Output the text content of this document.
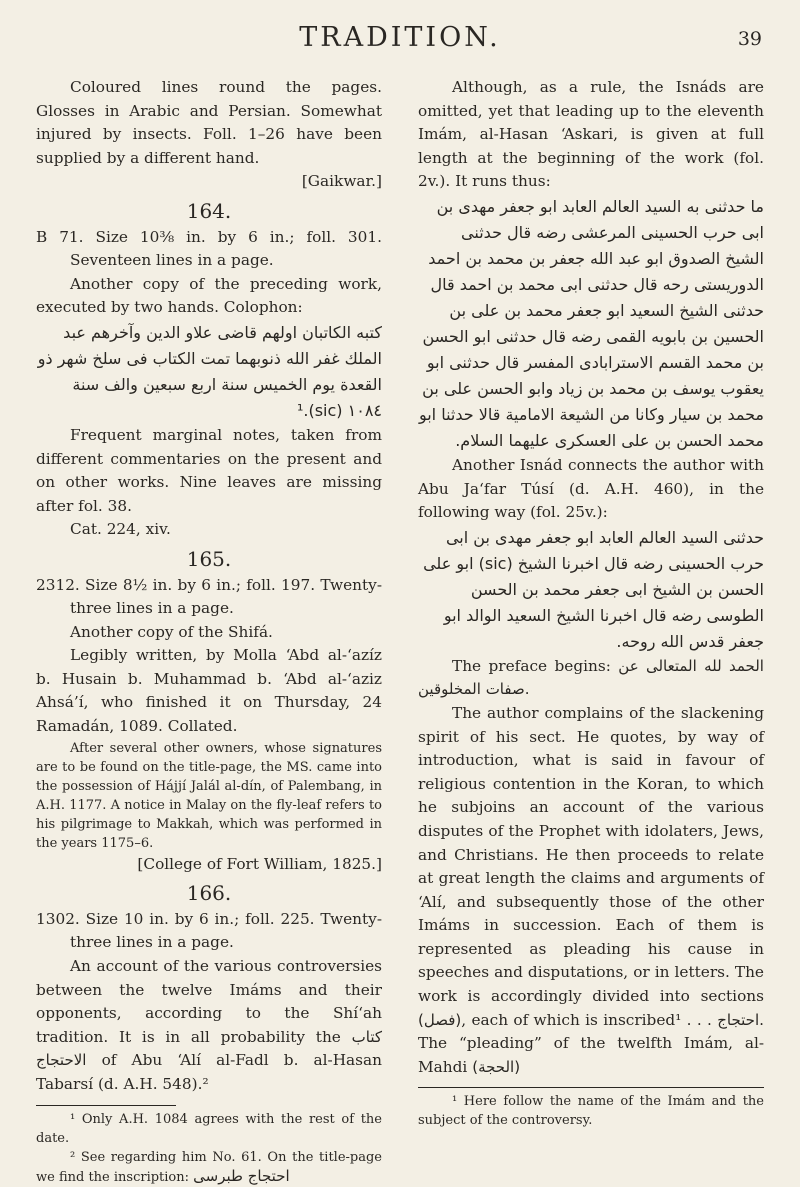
TRADITION.	39

Coloured lines round the pages. Glosses in Arabic and Persian. Somewhat injured by insects. Foll. 1–26 have been supplied by a different hand.

[Gaikwar.]

164.

B 71. Size 10⅜ in. by 6 in.; foll. 301. Seventeen lines in a page.

Another copy of the preceding work, executed by two hands. Colophon:

كتبه الكاتبان اولهم قاضى علاو الدين وآخرهم عبد الملك غفر الله ذنوبهما تمت الكتاب فى سلخ شهر ذو القعدة يوم الخميس سنة اربع سبعين والف سنة ١٠٨٤ (sic).¹

Frequent marginal notes, taken from different commentaries on the present and on other works. Nine leaves are missing after fol. 38.

Cat. 224, xiv.

165.

2312. Size 8½ in. by 6 in.; foll. 197. Twenty-three lines in a page.

Another copy of the Shifá.

Legibly written, by Molla ‘Abd al-‘azíz b. Husain b. Muhammad b. ‘Abd al-‘aziz Ahsá’í, who finished it on Thursday, 24 Ramadán, 1089. Collated.

After several other owners, whose signatures are to be found on the title-page, the MS. came into the possession of Hájjí Jalál al-dín, of Palembang, in A.H. 1177. A notice in Malay on the fly-leaf refers to his pilgrimage to Makkah, which was performed in the years 1175–6.

[College of Fort William, 1825.]

166.

1302. Size 10 in. by 6 in.; foll. 225. Twenty-three lines in a page.

An account of the various controversies between the twelve Imáms and their opponents, according to the Shí‘ah tradition. It is in all probability the كتاب الاحتجاج of Abu ‘Alí al-Fadl b. al-Hasan Tabarsí (d. A.H. 548).²

¹ Only A.H. 1084 agrees with the rest of the date.

² See regarding him No. 61. On the title-page we find the inscription: احتجاج طبرسى

Although, as a rule, the Isnáds are omitted, yet that leading up to the eleventh Imám, al-Hasan ‘Askari, is given at full length at the beginning of the work (fol. 2v.). It runs thus:

ما حدثنى به السيد العالم العابد ابو جعفر مهدى بن ابى حرب الحسينى المرعشى رضه قال حدثنى الشيخ الصدوق ابو عبد الله جعفر بن محمد بن احمد الدوريستى رحه قال حدثنى ابى محمد بن احمد قال حدثنى الشيخ السعيد ابو جعفر محمد بن على بن الحسين بن بابويه القمى رضه قال حدثنى ابو الحسن بن محمد القسم الاسترابادى المفسر قال حدثنى ابو يعقوب يوسف بن محمد بن زياد وابو الحسن على بن محمد بن سيار وكانا من الشيعة الامامية قالا حدثنا ابو محمد الحسن بن على العسكرى عليهما السلام.

Another Isnád connects the author with Abu Ja‘far Túsí (d. A.H. 460), in the following way (fol. 25v.):

حدثنى السيد العالم العابد ابو جعفر مهدى بن ابى حرب الحسينى رضه قال اخبرنا الشيخ (sic) ابو على الحسن بن الشيخ ابى جعفر محمد بن الحسن الطوسى رضه قال اخبرنا الشيخ السعيد الوالد ابو جعفر قدس الله روحه.

The preface begins: الحمد لله المتعالى عن صفات المخلوقين.

The author complains of the slackening spirit of his sect. He quotes, by way of introduction, what is said in favour of religious contention in the Koran, to which he subjoins an account of the various disputes of the Prophet with idolaters, Jews, and Christians. He then proceeds to relate at great length the claims and arguments of ‘Alí, and subsequently those of the other Imáms in succession. Each of them is represented as pleading his cause in speeches and disputations, or in letters. The work is accordingly divided into sections (فصل), each of which is inscribed¹ . . . احتجاج. The “pleading” of the twelfth Imám, al-Mahdi (الحجة)

¹ Here follow the name of the Imám and the subject of the controversy.
